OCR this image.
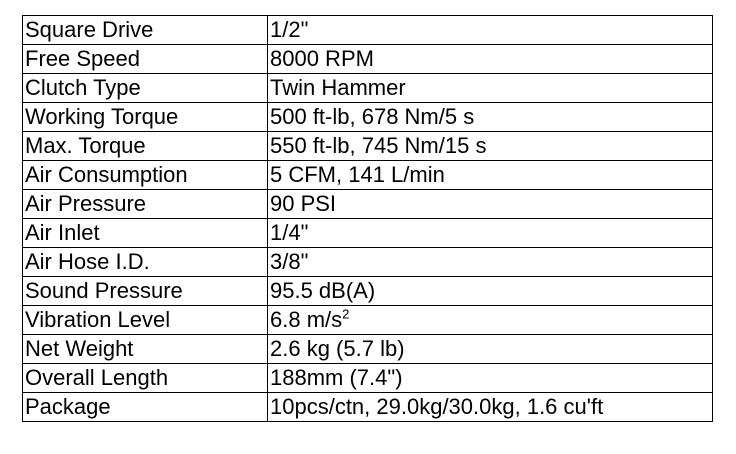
Square Drive	1/2"
Free Speed	8000 RPM
Clutch Type	Twin Hammer
Working Torque	500 ft-lb, 678 Nm/5 s
Max. Torque	550 ft-lb, 745 Nm/15 s
Air Consumption	5 CFM, 141 L/min
Air Pressure	90 PSI
Air Inlet	1/4"
Air Hose I.D.	3/8"
Sound Pressure	95.5 dB(A)
Vibration Level	6.8 $m/s^2$
Net Weight	2.6 kg (5.7 lb)
Overall Length	188mm (7.4")
Package	10pcs/ctn, 29.0kg/30.0kg, 1.6 cu'ft
